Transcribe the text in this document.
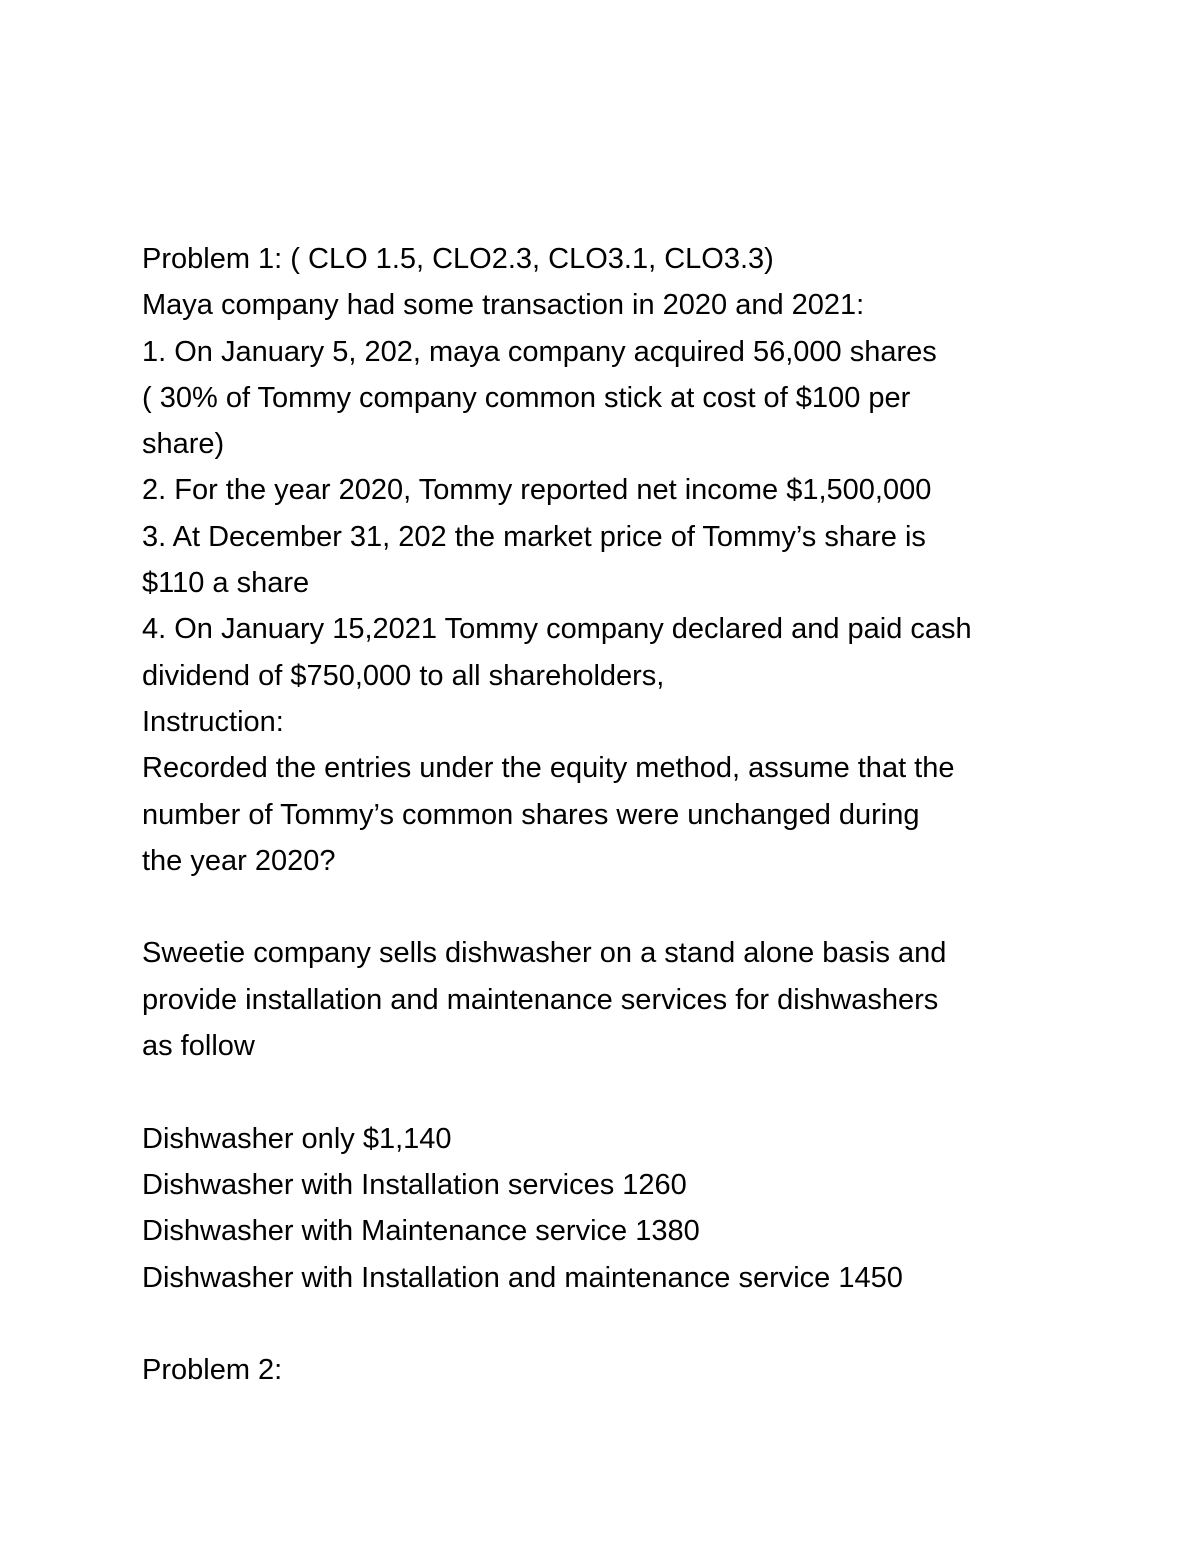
Problem 1: ( CLO 1.5, CLO2.3, CLO3.1, CLO3.3)
Maya company had some transaction in 2020 and 2021:
1. On January 5, 202, maya company acquired 56,000 shares
( 30% of Tommy company common stick at cost of $100 per
share)
2. For the year 2020, Tommy reported net income $1,500,000
3. At December 31, 202 the market price of Tommy’s share is
$110 a share
4. On January 15,2021 Tommy company declared and paid cash
dividend of $750,000 to all shareholders,
Instruction:
Recorded the entries under the equity method, assume that the
number of Tommy’s common shares were unchanged during
the year 2020?
Sweetie company sells dishwasher on a stand alone basis and
provide installation and maintenance services for dishwashers
as follow
Dishwasher only $1,140
Dishwasher with Installation services 1260
Dishwasher with Maintenance service 1380
Dishwasher with Installation and maintenance service 1450
Problem 2:
